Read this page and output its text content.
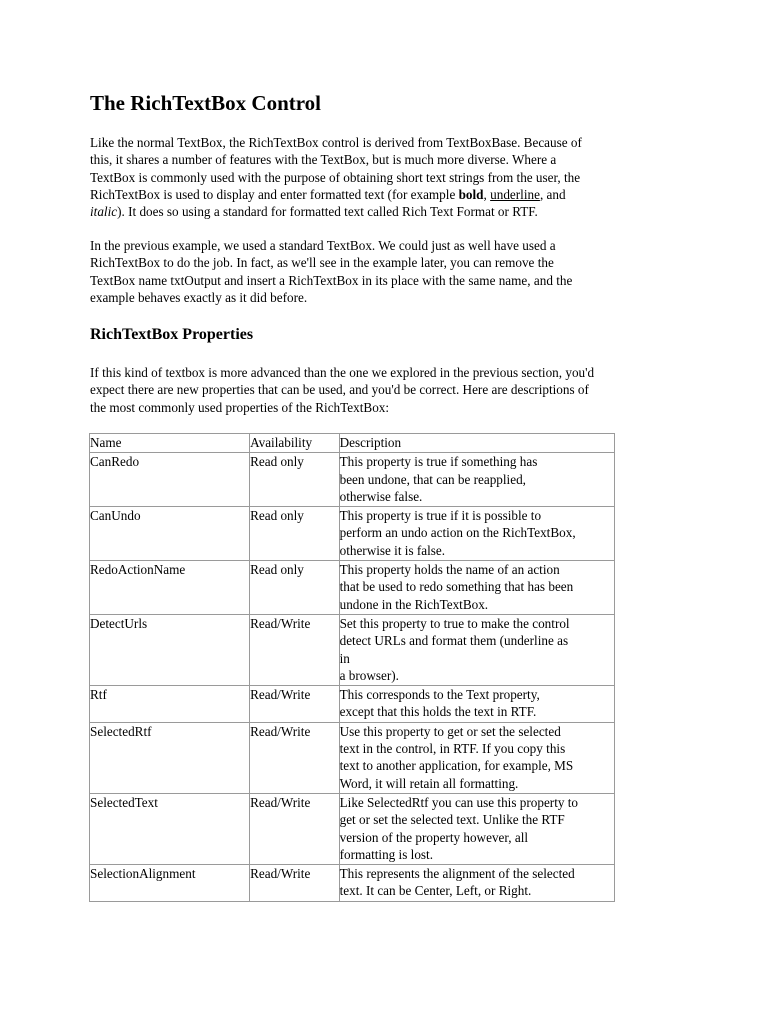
The RichTextBox Control

Like the normal TextBox, the RichTextBox control is derived from TextBoxBase. Because of
this, it shares a number of features with the TextBox, but is much more diverse. Where a
TextBox is commonly used with the purpose of obtaining short text strings from the user, the
RichTextBox is used to display and enter formatted text (for example bold, underline, and
italic). It does so using a standard for formatted text called Rich Text Format or RTF.

In the previous example, we used a standard TextBox. We could just as well have used a
RichTextBox to do the job. In fact, as we'll see in the example later, you can remove the
TextBox name txtOutput and insert a RichTextBox in its place with the same name, and the
example behaves exactly as it did before.

RichTextBox Properties

If this kind of textbox is more advanced than the one we explored in the previous section, you'd
expect there are new properties that can be used, and you'd be correct. Here are descriptions of
the most commonly used properties of the RichTextBox:

Name	Availability	Description
CanRedo	Read only	This property is true if something has
been undone, that can be reapplied,
otherwise false.

CanUndo	Read only	This property is true if it is possible to
perform an undo action on the RichTextBox,
otherwise it is false.

RedoActionName	Read only	This property holds the name of an action
that be used to redo something that has been
undone in the RichTextBox.

DetectUrls	Read/Write	Set this property to true to make the control
detect URLs and format them (underline as
in
a browser).

Rtf	Read/Write	This corresponds to the Text property,
except that this holds the text in RTF.

SelectedRtf	Read/Write	Use this property to get or set the selected
text in the control, in RTF. If you copy this
text to another application, for example, MS
Word, it will retain all formatting.

SelectedText	Read/Write	Like SelectedRtf you can use this property to
get or set the selected text. Unlike the RTF
version of the property however, all
formatting is lost.

SelectionAlignment	Read/Write	This represents the alignment of the selected
text. It can be Center, Left, or Right.
